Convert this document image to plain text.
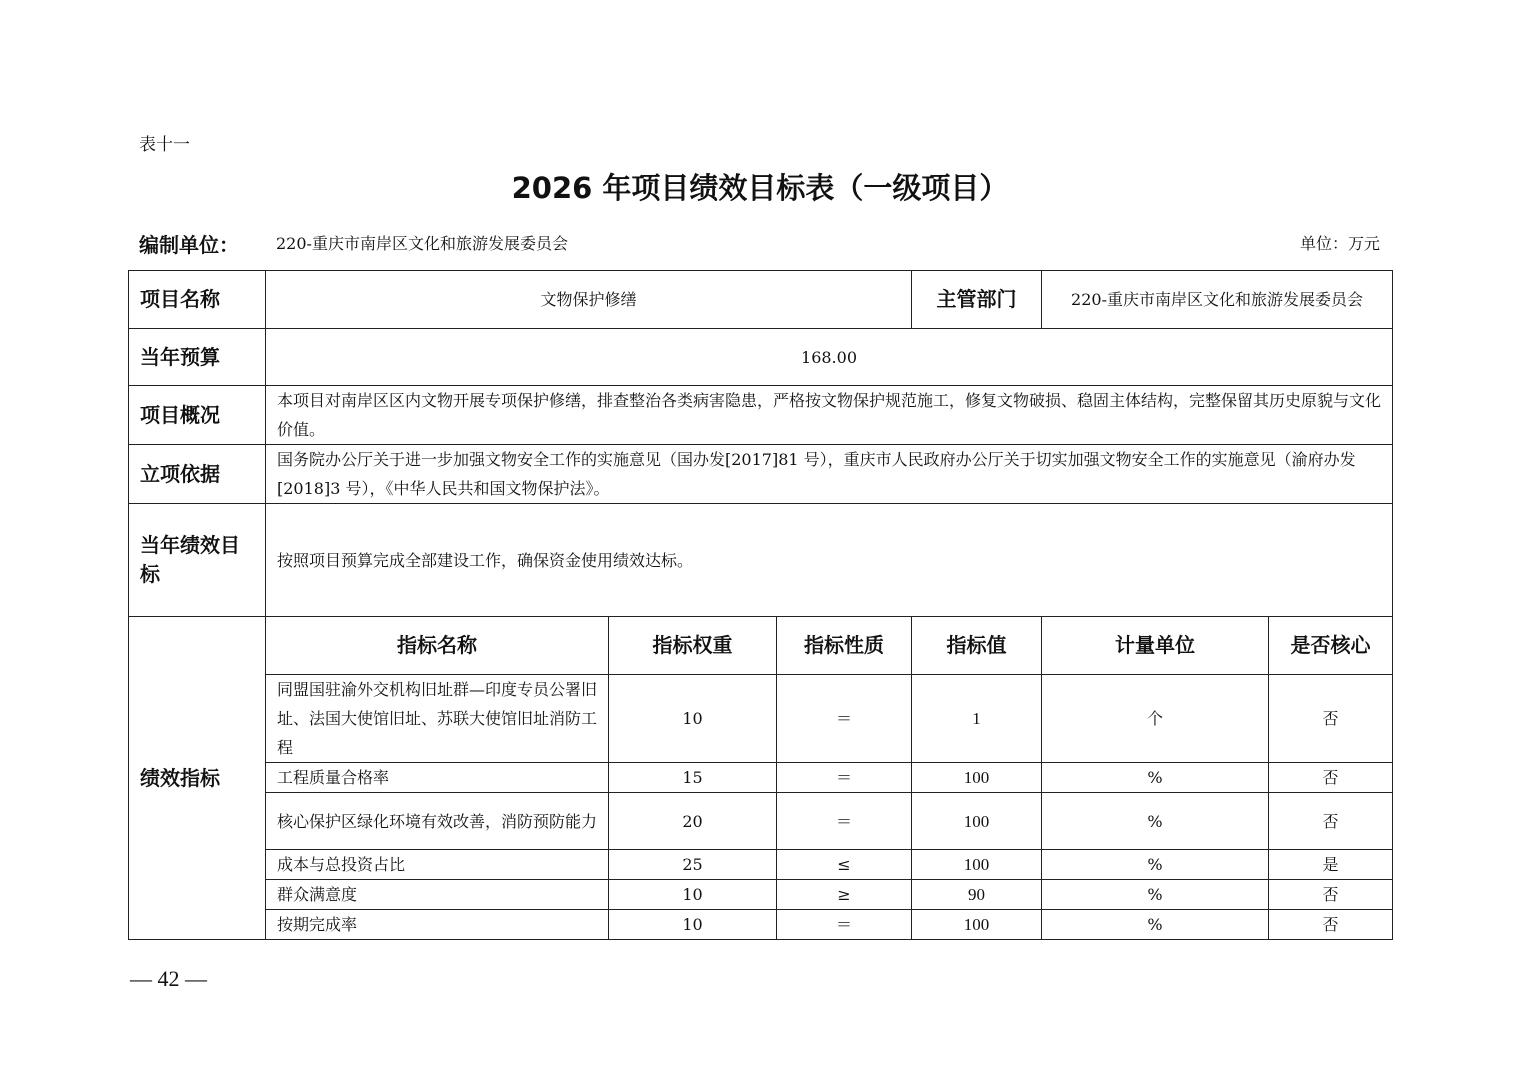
表十一
2026 年项目绩效目标表（一级项目）
编制单位： 220-重庆市南岸区文化和旅游发展委员会	单位：万元
项目名称	文物保护修缮			主管部门	220-重庆市南岸区文化和旅游发展委员会	
当年预算	168.00					
项目概况	本项目对南岸区区内文物开展专项保护修缮，排查整治各类病害隐患，严格按文物保护规范施工，修复文物破损、稳固主体结构，完整保留其历史原貌与文化价值。					
立项依据	国务院办公厅关于进一步加强文物安全工作的实施意见（国办发[2017]81 号），重庆市人民政府办公厅关于切实加强文物安全工作的实施意见（渝府办发[2018]3 号），《中华人民共和国文物保护法》。					
当年绩效目标	按照项目预算完成全部建设工作，确保资金使用绩效达标。					
绩效指标	指标名称	指标权重	指标性质	指标值	计量单位	是否核心
	同盟国驻渝外交机构旧址群—印度专员公署旧址、法国大使馆旧址、苏联大使馆旧址消防工程	10	＝	1	个	否
	工程质量合格率	15	＝	100	%	否
	核心保护区绿化环境有效改善，消防预防能力	20	＝	100	%	否
	成本与总投资占比	25	≤	100	%	是
	群众满意度	10	≥	90	%	否
	按期完成率	10	＝	100	%	否
— 42 —
